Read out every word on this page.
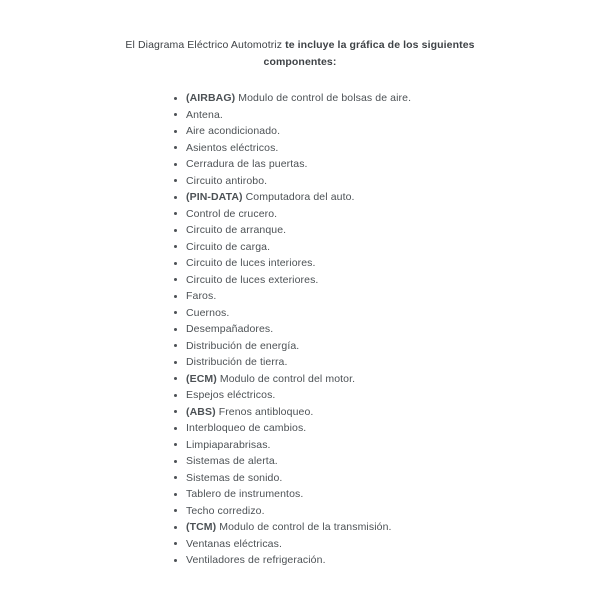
El Diagrama Eléctrico Automotriz te incluye la gráfica de los siguientes componentes:
(AIRBAG) Modulo de control de bolsas de aire.
Antena.
Aire acondicionado.
Asientos eléctricos.
Cerradura de las puertas.
Circuito antirobo.
(PIN-DATA) Computadora del auto.
Control de crucero.
Circuito de arranque.
Circuito de carga.
Circuito de luces interiores.
Circuito de luces exteriores.
Faros.
Cuernos.
Desempañadores.
Distribución de energía.
Distribución de tierra.
(ECM) Modulo de control del motor.
Espejos eléctricos.
(ABS) Frenos antibloqueo.
Interbloqueo de cambios.
Limpiaparabrisas.
Sistemas de alerta.
Sistemas de sonido.
Tablero de instrumentos.
Techo corredizo.
(TCM) Modulo de control de la transmisión.
Ventanas eléctricas.
Ventiladores de refrigeración.
